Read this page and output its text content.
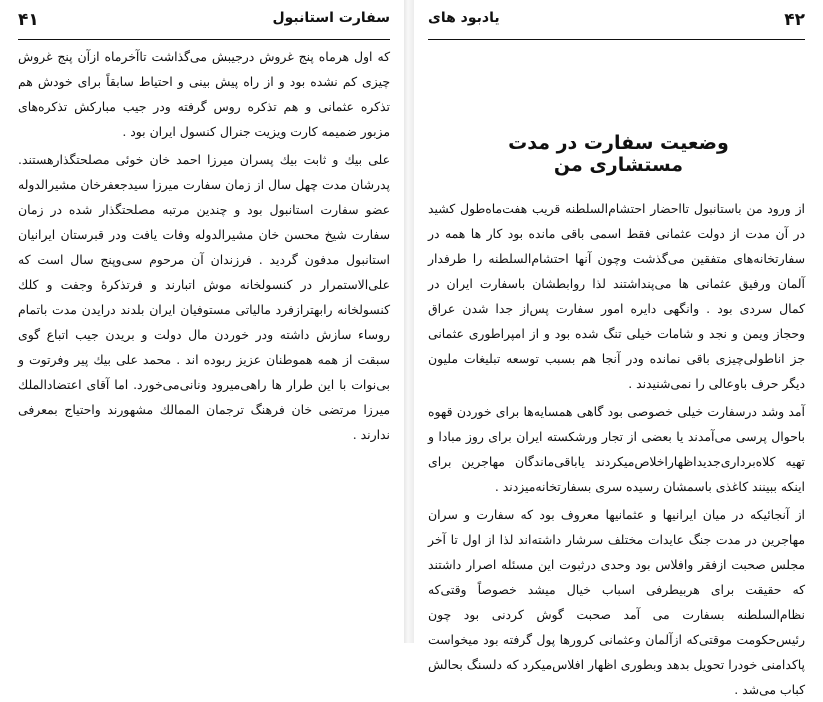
۴۱	سفارت استانبول

که اول هرماه پنج غروش درجیبش می‌گذاشت تاآخرماه ازآن پنج غروش چیزی کم نشده بود و از راه پیش بینی و احتیاط سابقاً برای خودش هم تذکره عثمانی و هم تذکره روس گرفته ودر جیب مبارکش تذکره‌های مزبور ضمیمه کارت ویزیت جنرال کنسول ایران بود .

علی بیك و ثابت بیك پسران میرزا احمد خان خوئی مصلحتگذارهستند. پدرشان مدت چهل سال از زمان سفارت میرزا سیدجعفرخان مشیرالدوله عضو سفارت استانبول بود و چندین مرتبه مصلحتگذار شده در زمان سفارت شیخ محسن خان مشیرالدوله وفات یافت ودر قبرستان ایرانیان استانبول مدفون گردید . فرزندان آن مرحوم سی‌وپنج سال است که علی‌الاستمرار در کنسولخانه موش اتبارند و فرتذکرهٔ وجفت و کلك کنسولخانه رابهترازفرد مالیاتی مستوفیان ایران بلدند درایدن مدت باتمام روساء سازش داشته ودر خوردن مال دولت و بریدن جیب اتباع گوی سبقت از همه هموطنان عزیز ربوده اند . محمد علی بیك پیر وفرتوت و بی‌نوات با این طرار ها راهی‌میرود ونانی‌می‌خورد. اما آقای اعتضادالملك میرزا مرتضی خان فرهنگ ترجمان الممالك مشهورند واحتیاج بمعرفی ندارند .

۴۲
یادبود های
وضعیت سفارت در مدت مستشاری من

از ورود من باستانبول تااحضار احتشام‌السلطنه قریب هفت‌ماه‌طول کشید در آن مدت از دولت عثمانی فقط اسمی باقی مانده بود کار ها همه در سفارتخانه‌های متفقین می‌گذشت وچون آنها احتشام‌السلطنه را طرفدار آلمان ورفیق عثمانی ها می‌پنداشتند لذا روابطشان باسفارت ایران در کمال سردی بود . وانگهی دایره امور سفارت پس‌از جدا شدن عراق وحجاز ویمن و نجد و شامات خیلی تنگ شده بود و از امپراطوری عثمانی جز اناطولی‌چیزی باقی نمانده ودر آنجا هم بسبب توسعه تبلیغات ملیون دیگر حرف باوعالی را نمی‌شنیدند .

آمد وشد درسفارت خیلی خصوصی بود گاهی همسایه‌ها برای خوردن قهوه باحوال پرسی می‌آمدند یا بعضی از تجار ورشکسته ایران برای روز مبادا و تهیه کلاه‌برداری‌جدیداظهاراخلاص‌میکردند یاباقی‌ماندگان مهاجرین برای اینکه ببینند کاغذی باسمشان رسیده سری بسفارتخانه‌میزدند .

از آنجائیکه در میان ایرانیها و عثمانیها معروف بود که سفارت و سران مهاجرین در مدت جنگ عایدات مختلف سرشار داشته‌اند لذا از اول تا آخر مجلس صحبت ازفقر وافلاس بود وحدی درثبوت این مسئله اصرار داشتند که حقیقت برای هربیطرفی اسباب خیال میشد خصوصاً وقتی‌که نظام‌السلطنه بسفارت می آمد صحبت گوش کردنی بود چون رئیس‌حکومت موقتی‌که ازآلمان وعثمانی کرورها پول گرفته بود میخواست پاکدامنی خودرا تحویل بدهد وبطوری اظهار افلاس‌میکرد که دلسنگ بحالش کباب می‌شد .
